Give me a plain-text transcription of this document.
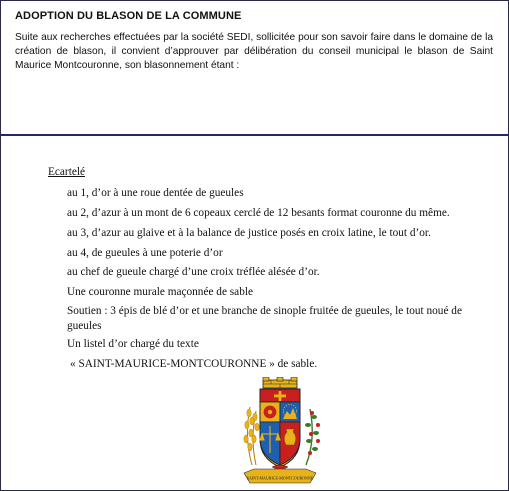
ADOPTION DU BLASON DE LA COMMUNE
Suite aux recherches effectuées par la société SEDI, sollicitée pour son savoir faire dans le domaine de la création de blason, il convient d’approuver par délibération du conseil municipal le blason de Saint Maurice Montcouronne, son blasonnement étant :
Ecartelé
au 1, d’or à une roue dentée de gueules
au 2, d’azur à un mont de 6 copeaux cerclé de 12 besants format couronne du même.
au 3, d’azur au glaive et à la balance de justice posés en croix latine, le tout d’or.
au 4, de gueules à une poterie d’or
au chef de gueule chargé d’une croix tréflée alésée d’or.
Une couronne murale maçonnée de sable
Soutien : 3 épis de blé d’or et une branche de sinople fruitée de gueules, le tout noué de gueules
Un listel d’or chargé du texte
« SAINT-MAURICE-MONTCOURONNE » de sable.
SAINT-MAURICE-MONTCOURONNE
